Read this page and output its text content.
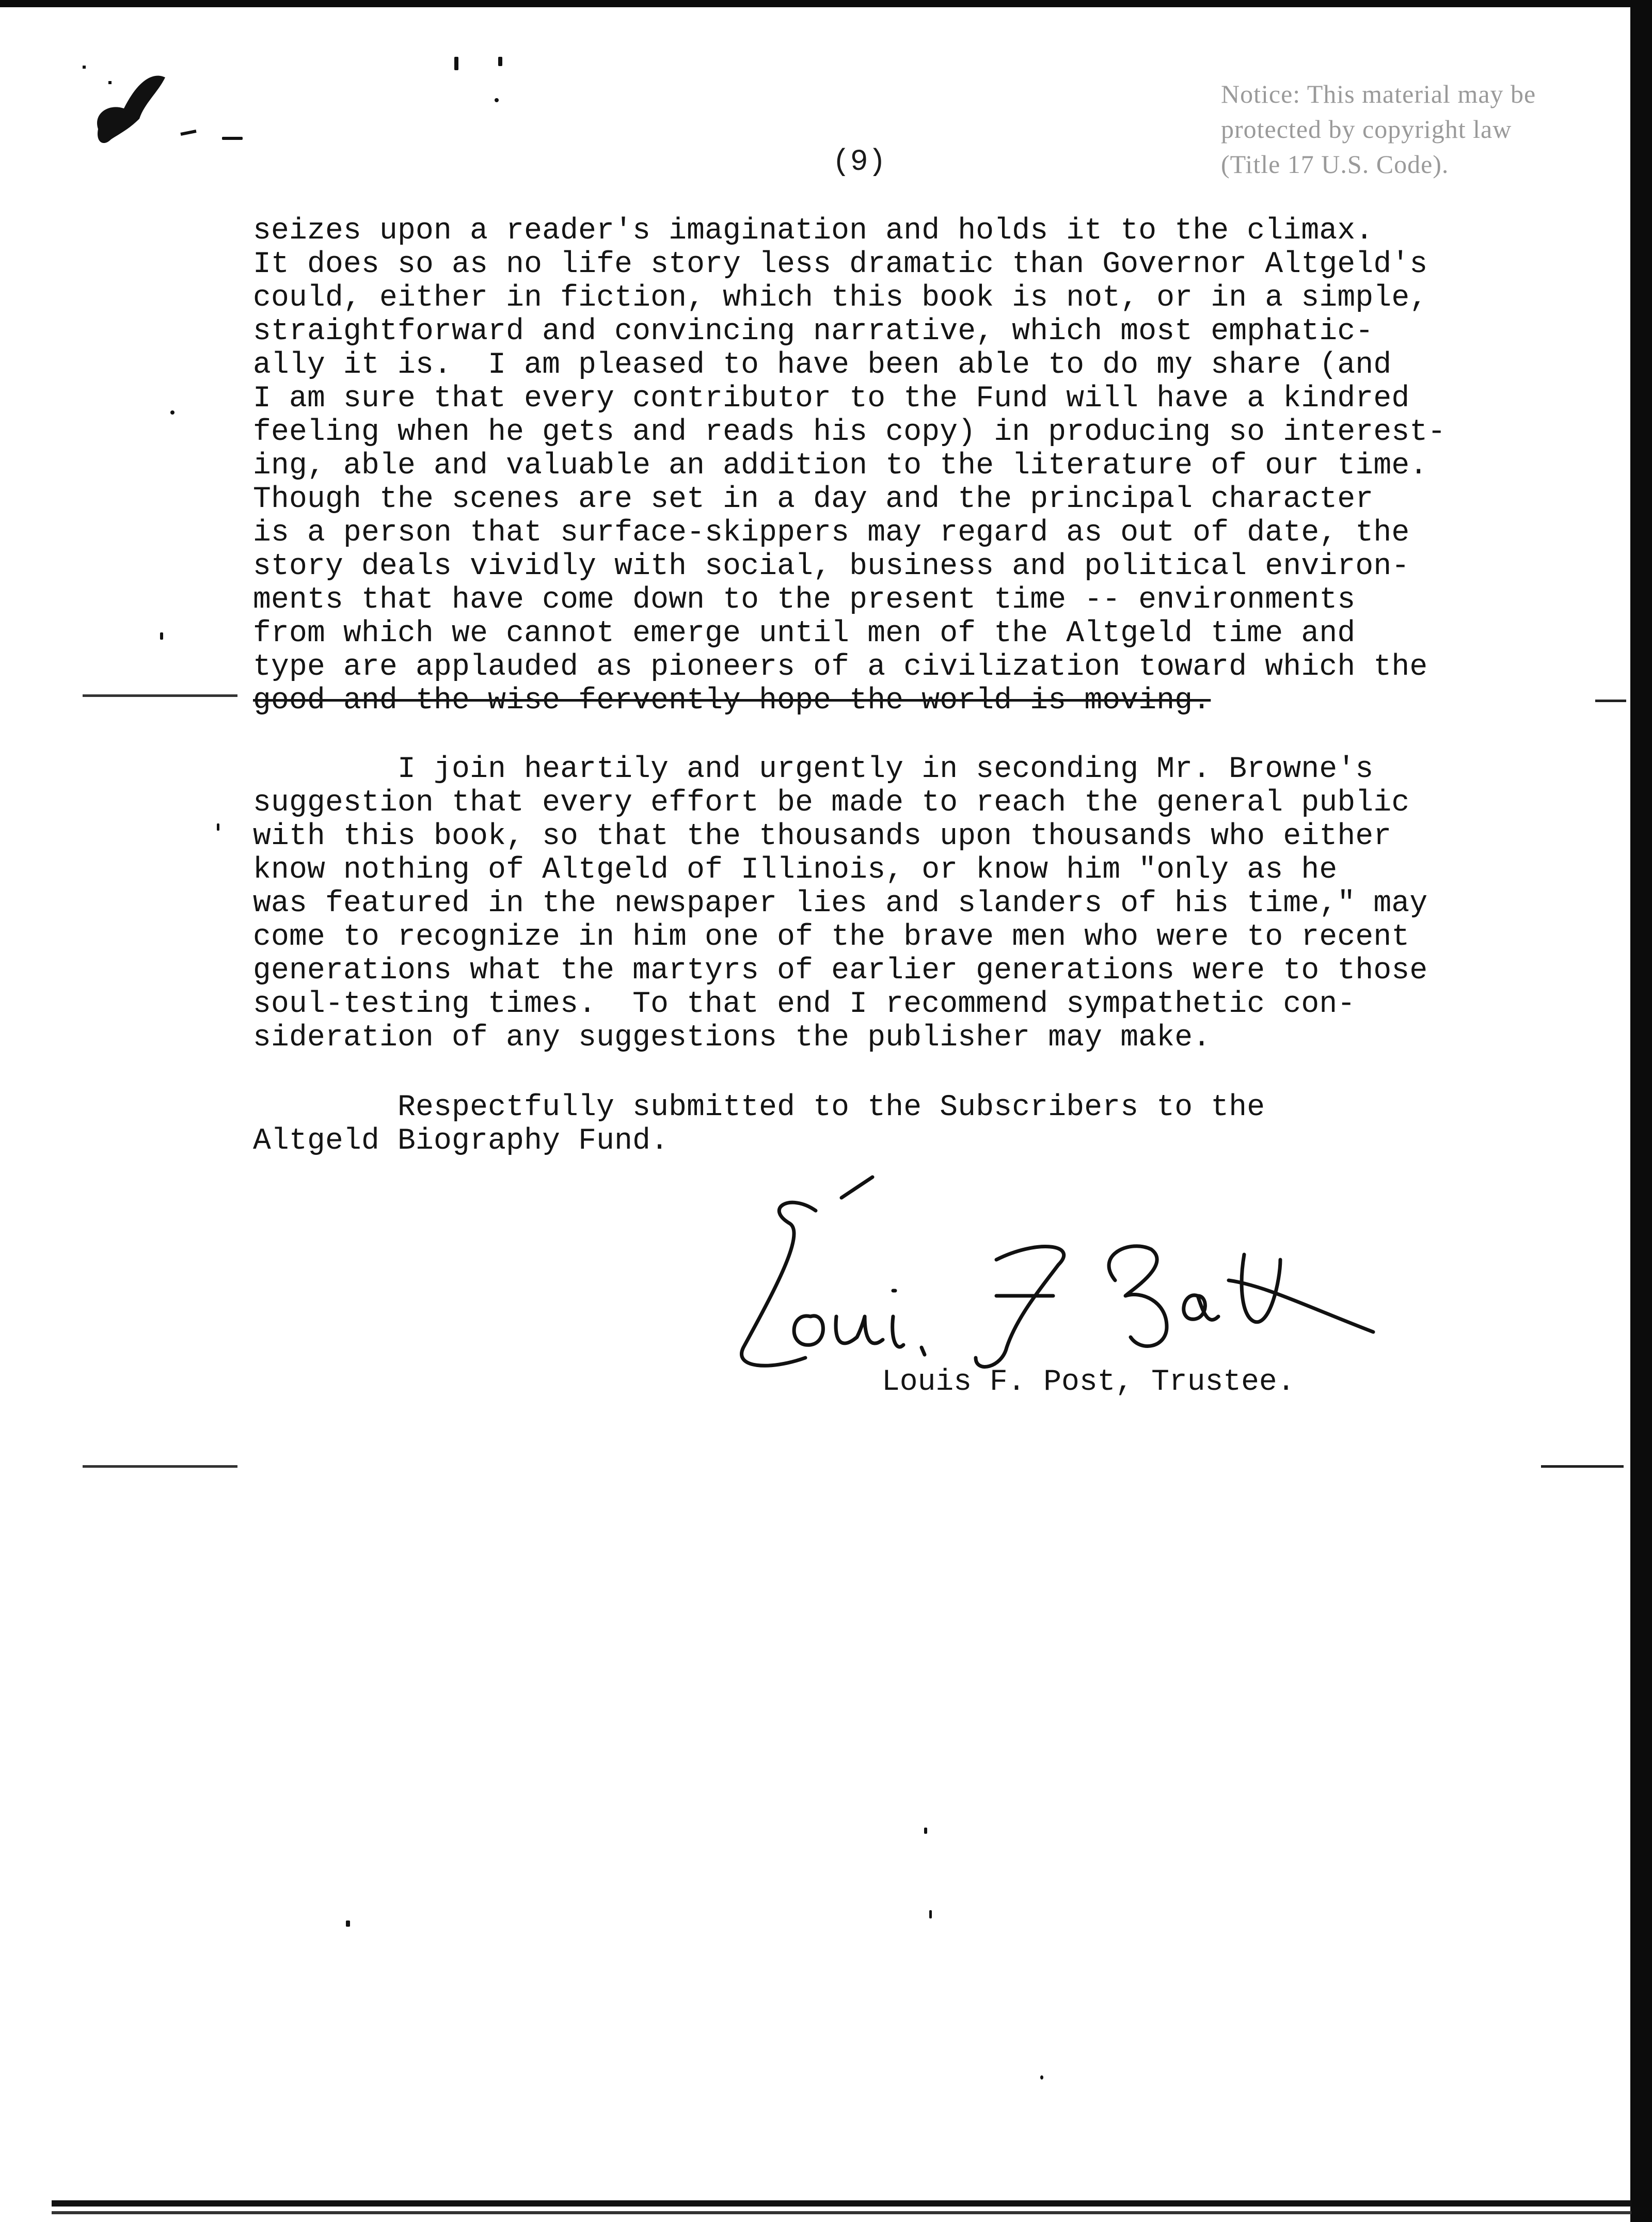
Notice: This material may be
protected by copyright law
(Title 17 U.S. Code).
(9)
seizes upon a reader's imagination and holds it to the climax.
It does so as no life story less dramatic than Governor Altgeld's
could, either in fiction, which this book is not, or in a simple,
straightforward and convincing narrative, which most emphatic-
ally it is.  I am pleased to have been able to do my share (and
I am sure that every contributor to the Fund will have a kindred
feeling when he gets and reads his copy) in producing so interest-
ing, able and valuable an addition to the literature of our time.
Though the scenes are set in a day and the principal character
is a person that surface-skippers may regard as out of date, the
story deals vividly with social, business and political environ-
ments that have come down to the present time -- environments
from which we cannot emerge until men of the Altgeld time and
type are applauded as pioneers of a civilization toward which the
good and the wise fervently hope the world is moving.
I join heartily and urgently in seconding Mr. Browne's
suggestion that every effort be made to reach the general public
with this book, so that the thousands upon thousands who either
know nothing of Altgeld of Illinois, or know him "only as he
was featured in the newspaper lies and slanders of his time," may
come to recognize in him one of the brave men who were to recent
generations what the martyrs of earlier generations were to those
soul-testing times.  To that end I recommend sympathetic con-
sideration of any suggestions the publisher may make.
Respectfully submitted to the Subscribers to the
Altgeld Biography Fund.
Louis F. Post, Trustee.
